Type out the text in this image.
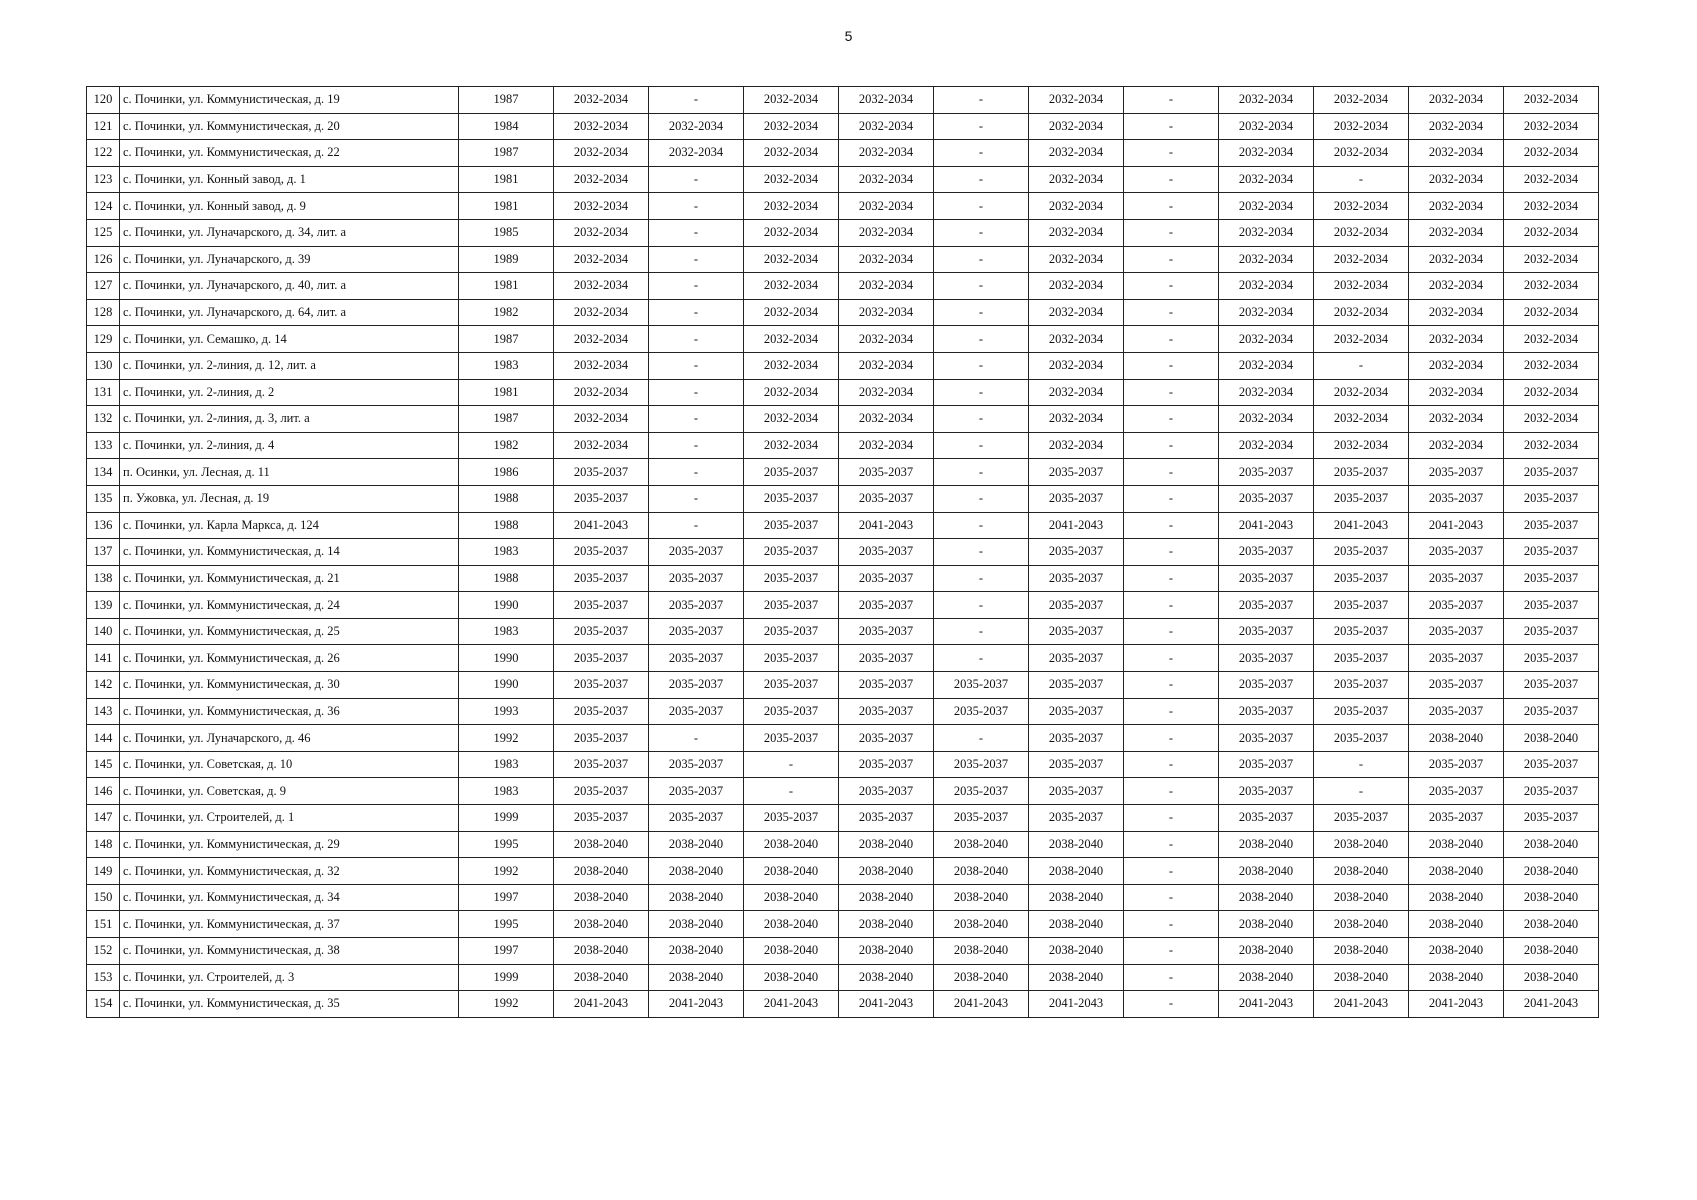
5
120	с. Починки, ул. Коммунистическая, д. 19	1987	2032-2034	-	2032-2034	2032-2034	-	2032-2034	-	2032-2034	2032-2034	2032-2034	2032-2034
121	с. Починки, ул. Коммунистическая, д. 20	1984	2032-2034	2032-2034	2032-2034	2032-2034	-	2032-2034	-	2032-2034	2032-2034	2032-2034	2032-2034
122	с. Починки, ул. Коммунистическая, д. 22	1987	2032-2034	2032-2034	2032-2034	2032-2034	-	2032-2034	-	2032-2034	2032-2034	2032-2034	2032-2034
123	с. Починки, ул. Конный завод, д. 1	1981	2032-2034	-	2032-2034	2032-2034	-	2032-2034	-	2032-2034	-	2032-2034	2032-2034
124	с. Починки, ул. Конный завод, д. 9	1981	2032-2034	-	2032-2034	2032-2034	-	2032-2034	-	2032-2034	2032-2034	2032-2034	2032-2034
125	с. Починки, ул. Луначарского, д. 34, лит. а	1985	2032-2034	-	2032-2034	2032-2034	-	2032-2034	-	2032-2034	2032-2034	2032-2034	2032-2034
126	с. Починки, ул. Луначарского, д. 39	1989	2032-2034	-	2032-2034	2032-2034	-	2032-2034	-	2032-2034	2032-2034	2032-2034	2032-2034
127	с. Починки, ул. Луначарского, д. 40, лит. а	1981	2032-2034	-	2032-2034	2032-2034	-	2032-2034	-	2032-2034	2032-2034	2032-2034	2032-2034
128	с. Починки, ул. Луначарского, д. 64, лит. а	1982	2032-2034	-	2032-2034	2032-2034	-	2032-2034	-	2032-2034	2032-2034	2032-2034	2032-2034
129	с. Починки, ул. Семашко, д. 14	1987	2032-2034	-	2032-2034	2032-2034	-	2032-2034	-	2032-2034	2032-2034	2032-2034	2032-2034
130	с. Починки, ул. 2-линия, д. 12, лит. а	1983	2032-2034	-	2032-2034	2032-2034	-	2032-2034	-	2032-2034	-	2032-2034	2032-2034
131	с. Починки, ул. 2-линия, д. 2	1981	2032-2034	-	2032-2034	2032-2034	-	2032-2034	-	2032-2034	2032-2034	2032-2034	2032-2034
132	с. Починки, ул. 2-линия, д. 3, лит. а	1987	2032-2034	-	2032-2034	2032-2034	-	2032-2034	-	2032-2034	2032-2034	2032-2034	2032-2034
133	с. Починки, ул. 2-линия, д. 4	1982	2032-2034	-	2032-2034	2032-2034	-	2032-2034	-	2032-2034	2032-2034	2032-2034	2032-2034
134	п. Осинки, ул. Лесная, д. 11	1986	2035-2037	-	2035-2037	2035-2037	-	2035-2037	-	2035-2037	2035-2037	2035-2037	2035-2037
135	п. Ужовка, ул. Лесная, д. 19	1988	2035-2037	-	2035-2037	2035-2037	-	2035-2037	-	2035-2037	2035-2037	2035-2037	2035-2037
136	с. Починки, ул. Карла Маркса, д. 124	1988	2041-2043	-	2035-2037	2041-2043	-	2041-2043	-	2041-2043	2041-2043	2041-2043	2035-2037
137	с. Починки, ул. Коммунистическая, д. 14	1983	2035-2037	2035-2037	2035-2037	2035-2037	-	2035-2037	-	2035-2037	2035-2037	2035-2037	2035-2037
138	с. Починки, ул. Коммунистическая, д. 21	1988	2035-2037	2035-2037	2035-2037	2035-2037	-	2035-2037	-	2035-2037	2035-2037	2035-2037	2035-2037
139	с. Починки, ул. Коммунистическая, д. 24	1990	2035-2037	2035-2037	2035-2037	2035-2037	-	2035-2037	-	2035-2037	2035-2037	2035-2037	2035-2037
140	с. Починки, ул. Коммунистическая, д. 25	1983	2035-2037	2035-2037	2035-2037	2035-2037	-	2035-2037	-	2035-2037	2035-2037	2035-2037	2035-2037
141	с. Починки, ул. Коммунистическая, д. 26	1990	2035-2037	2035-2037	2035-2037	2035-2037	-	2035-2037	-	2035-2037	2035-2037	2035-2037	2035-2037
142	с. Починки, ул. Коммунистическая, д. 30	1990	2035-2037	2035-2037	2035-2037	2035-2037	2035-2037	2035-2037	-	2035-2037	2035-2037	2035-2037	2035-2037
143	с. Починки, ул. Коммунистическая, д. 36	1993	2035-2037	2035-2037	2035-2037	2035-2037	2035-2037	2035-2037	-	2035-2037	2035-2037	2035-2037	2035-2037
144	с. Починки, ул. Луначарского, д. 46	1992	2035-2037	-	2035-2037	2035-2037	-	2035-2037	-	2035-2037	2035-2037	2038-2040	2038-2040
145	с. Починки, ул. Советская, д. 10	1983	2035-2037	2035-2037	-	2035-2037	2035-2037	2035-2037	-	2035-2037	-	2035-2037	2035-2037
146	с. Починки, ул. Советская, д. 9	1983	2035-2037	2035-2037	-	2035-2037	2035-2037	2035-2037	-	2035-2037	-	2035-2037	2035-2037
147	с. Починки, ул. Строителей, д. 1	1999	2035-2037	2035-2037	2035-2037	2035-2037	2035-2037	2035-2037	-	2035-2037	2035-2037	2035-2037	2035-2037
148	с. Починки, ул. Коммунистическая, д. 29	1995	2038-2040	2038-2040	2038-2040	2038-2040	2038-2040	2038-2040	-	2038-2040	2038-2040	2038-2040	2038-2040
149	с. Починки, ул. Коммунистическая, д. 32	1992	2038-2040	2038-2040	2038-2040	2038-2040	2038-2040	2038-2040	-	2038-2040	2038-2040	2038-2040	2038-2040
150	с. Починки, ул. Коммунистическая, д. 34	1997	2038-2040	2038-2040	2038-2040	2038-2040	2038-2040	2038-2040	-	2038-2040	2038-2040	2038-2040	2038-2040
151	с. Починки, ул. Коммунистическая, д. 37	1995	2038-2040	2038-2040	2038-2040	2038-2040	2038-2040	2038-2040	-	2038-2040	2038-2040	2038-2040	2038-2040
152	с. Починки, ул. Коммунистическая, д. 38	1997	2038-2040	2038-2040	2038-2040	2038-2040	2038-2040	2038-2040	-	2038-2040	2038-2040	2038-2040	2038-2040
153	с. Починки, ул. Строителей, д. 3	1999	2038-2040	2038-2040	2038-2040	2038-2040	2038-2040	2038-2040	-	2038-2040	2038-2040	2038-2040	2038-2040
154	с. Починки, ул. Коммунистическая, д. 35	1992	2041-2043	2041-2043	2041-2043	2041-2043	2041-2043	2041-2043	-	2041-2043	2041-2043	2041-2043	2041-2043
